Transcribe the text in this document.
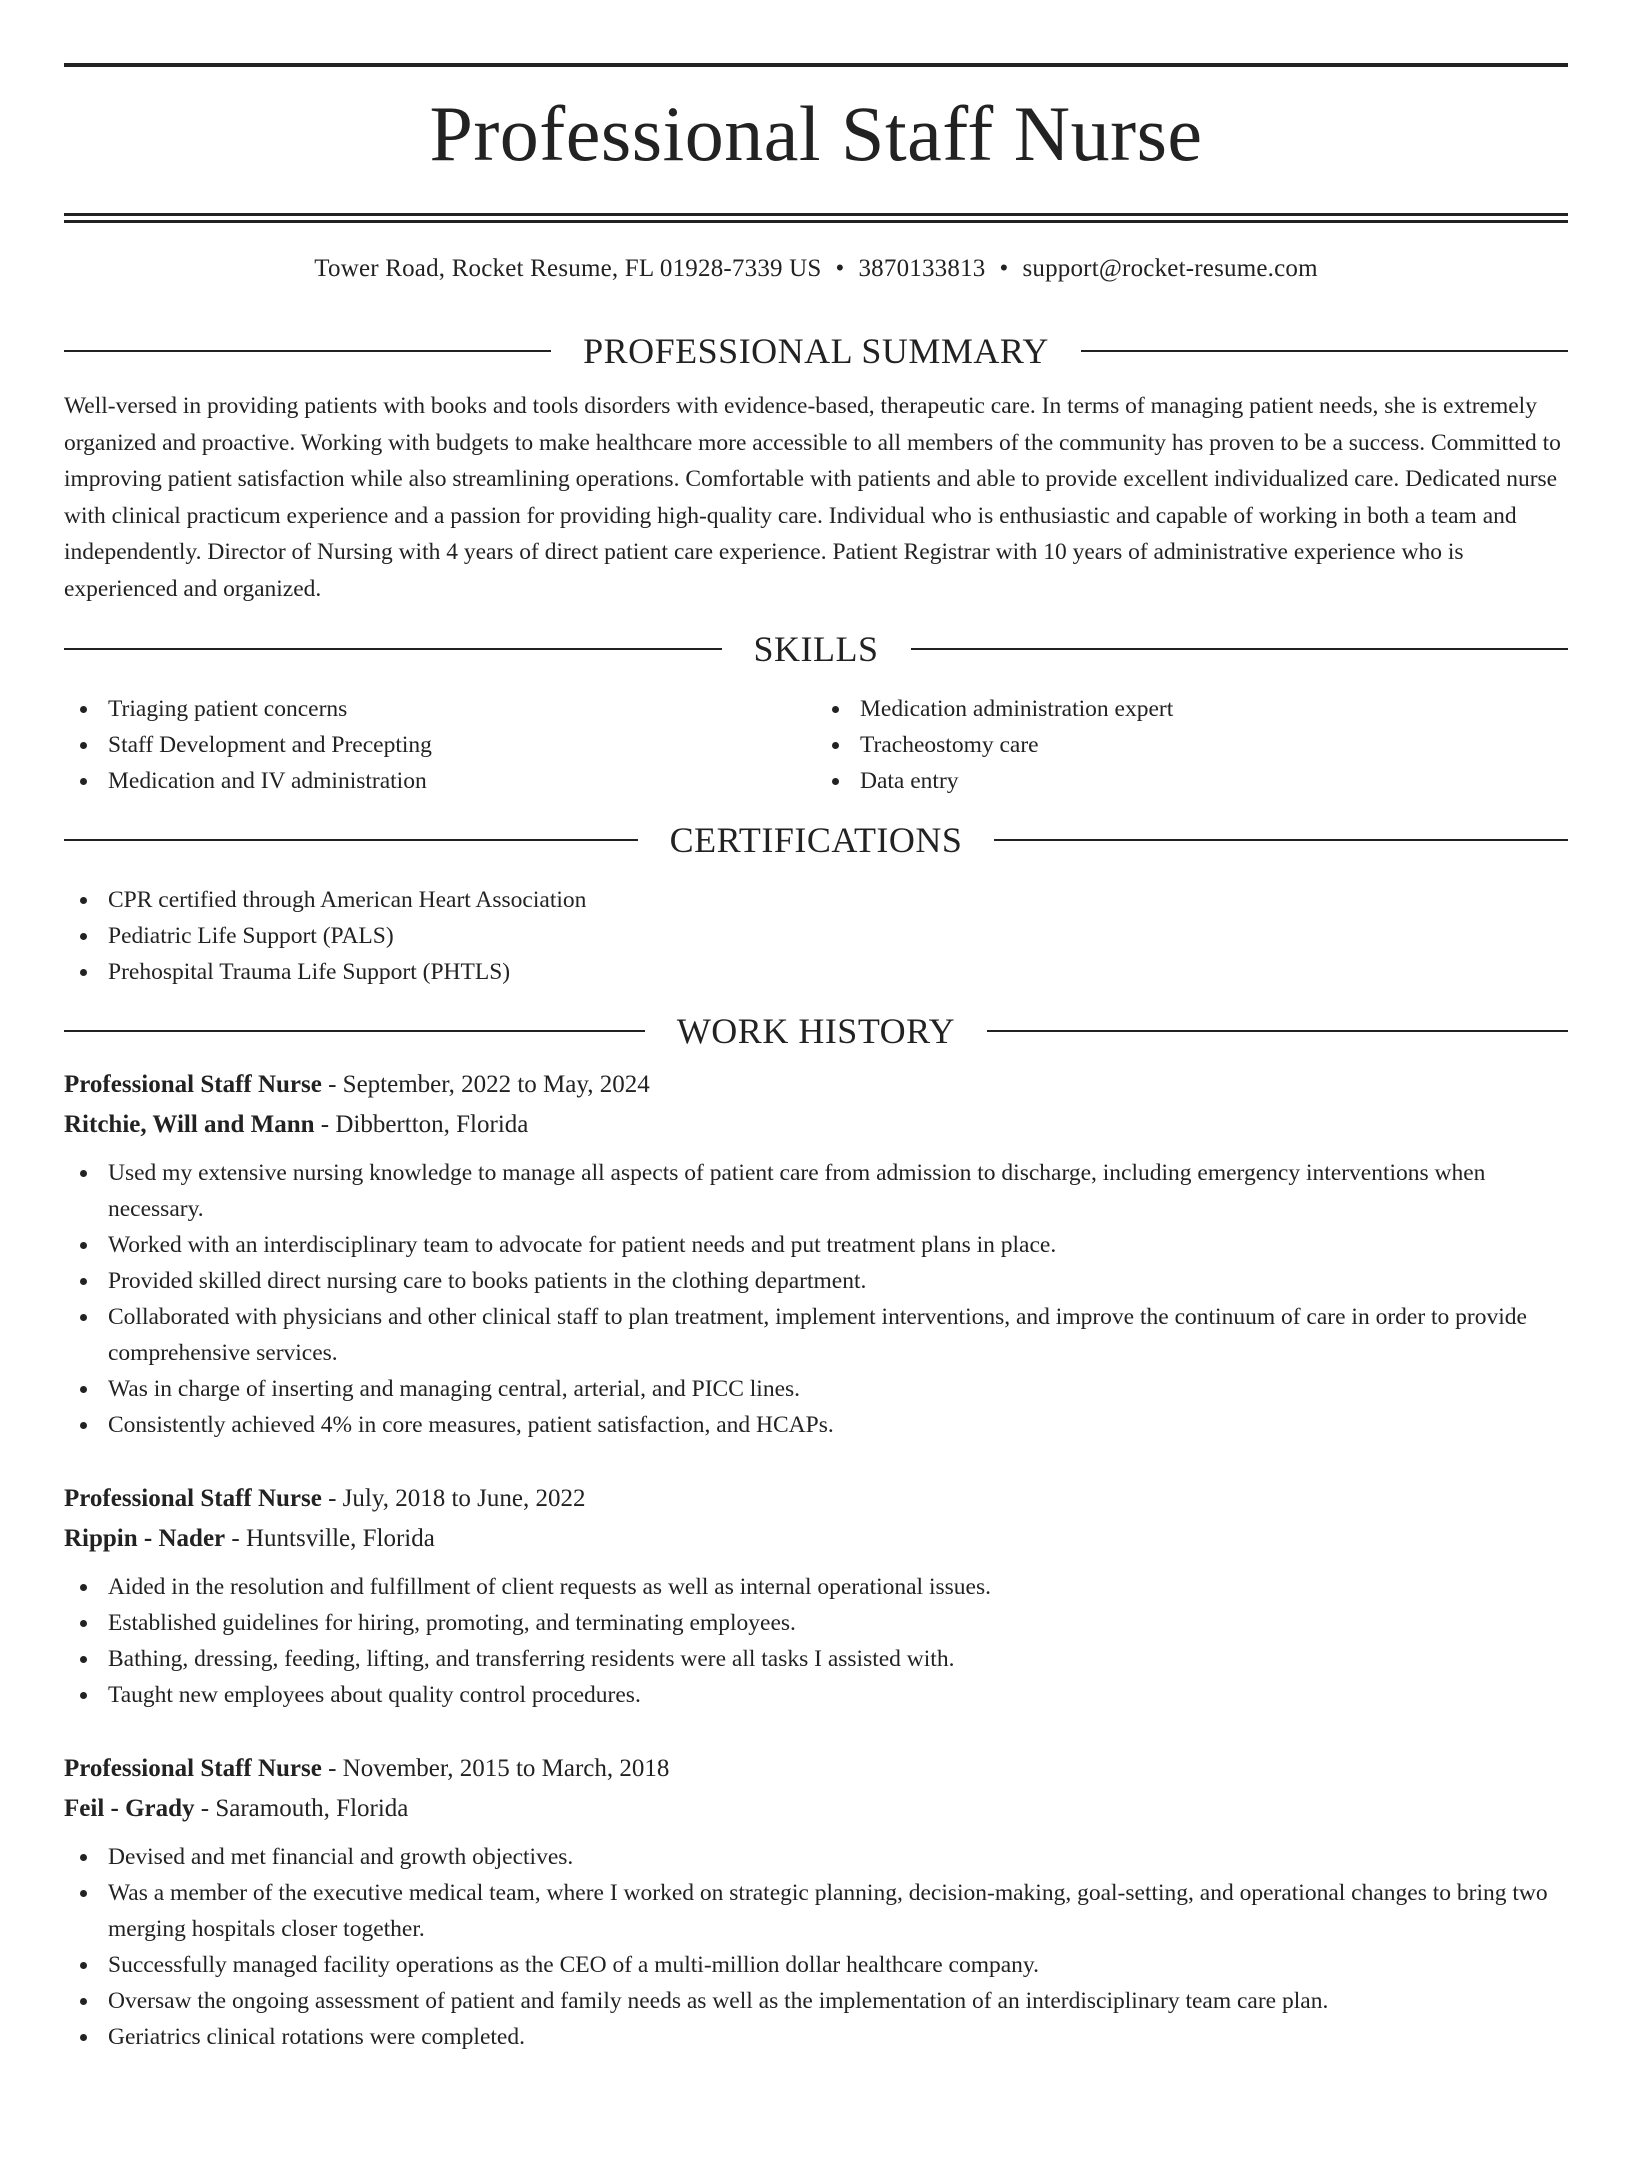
Professional Staff Nurse
Tower Road, Rocket Resume, FL 01928-7339 US • 3870133813 • support@rocket-resume.com
PROFESSIONAL SUMMARY

Well-versed in providing patients with books and tools disorders with evidence-based, therapeutic care. In terms of managing patient needs, she is extremely organized and proactive. Working with budgets to make healthcare more accessible to all members of the community has proven to be a success. Committed to improving patient satisfaction while also streamlining operations. Comfortable with patients and able to provide excellent individualized care. Dedicated nurse with clinical practicum experience and a passion for providing high-quality care. Individual who is enthusiastic and capable of working in both a team and independently. Director of Nursing with 4 years of direct patient care experience. Patient Registrar with 10 years of administrative experience who is experienced and organized.

SKILLS
Triaging patient concerns
Staff Development and Precepting
Medication and IV administration
Medication administration expert
Tracheostomy care
Data entry
CERTIFICATIONS
CPR certified through American Heart Association
Pediatric Life Support (PALS)
Prehospital Trauma Life Support (PHTLS)
WORK HISTORY
Professional Staff Nurse - September, 2022 to May, 2024
Ritchie, Will and Mann - Dibbertton, Florida
Used my extensive nursing knowledge to manage all aspects of patient care from admission to discharge, including emergency interventions when necessary.
Worked with an interdisciplinary team to advocate for patient needs and put treatment plans in place.
Provided skilled direct nursing care to books patients in the clothing department.
Collaborated with physicians and other clinical staff to plan treatment, implement interventions, and improve the continuum of care in order to provide comprehensive services.
Was in charge of inserting and managing central, arterial, and PICC lines.
Consistently achieved 4% in core measures, patient satisfaction, and HCAPs.
Professional Staff Nurse - July, 2018 to June, 2022
Rippin - Nader - Huntsville, Florida
Aided in the resolution and fulfillment of client requests as well as internal operational issues.
Established guidelines for hiring, promoting, and terminating employees.
Bathing, dressing, feeding, lifting, and transferring residents were all tasks I assisted with.
Taught new employees about quality control procedures.
Professional Staff Nurse - November, 2015 to March, 2018
Feil - Grady - Saramouth, Florida
Devised and met financial and growth objectives.
Was a member of the executive medical team, where I worked on strategic planning, decision-making, goal-setting, and operational changes to bring two merging hospitals closer together.
Successfully managed facility operations as the CEO of a multi-million dollar healthcare company.
Oversaw the ongoing assessment of patient and family needs as well as the implementation of an interdisciplinary team care plan.
Geriatrics clinical rotations were completed.
